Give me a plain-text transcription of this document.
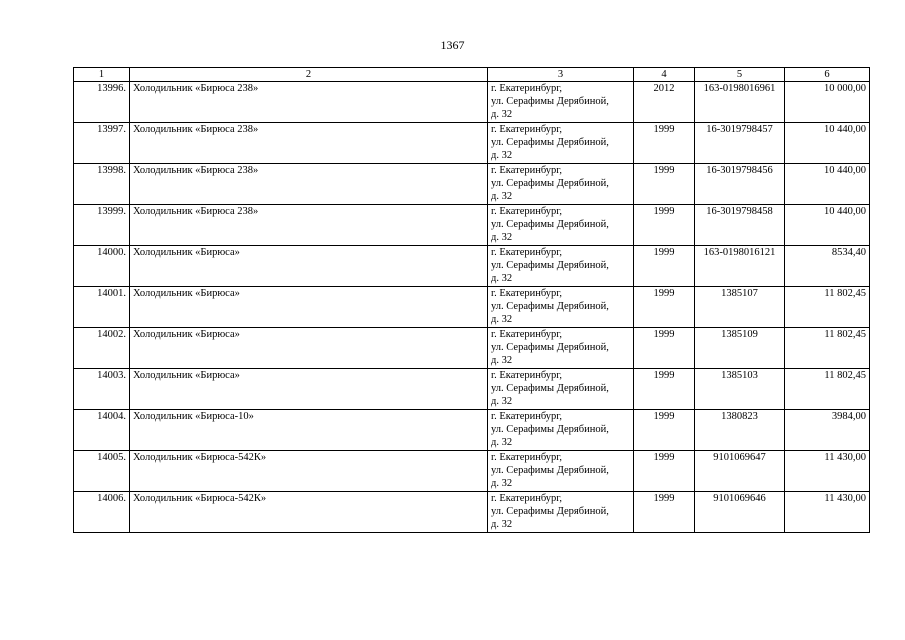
1367
1	2	3	4	5	6
13996.	Холодильник «Бирюса 238»	г. Екатеринбург,
ул. Серафимы Дерябиной,
д. 32	2012	163-0198016961	10 000,00
13997.	Холодильник «Бирюса 238»	г. Екатеринбург,
ул. Серафимы Дерябиной,
д. 32	1999	16-3019798457	10 440,00
13998.	Холодильник «Бирюса 238»	г. Екатеринбург,
ул. Серафимы Дерябиной,
д. 32	1999	16-3019798456	10 440,00
13999.	Холодильник «Бирюса 238»	г. Екатеринбург,
ул. Серафимы Дерябиной,
д. 32	1999	16-3019798458	10 440,00
14000.	Холодильник «Бирюса»	г. Екатеринбург,
ул. Серафимы Дерябиной,
д. 32	1999	163-0198016121	8534,40
14001.	Холодильник «Бирюса»	г. Екатеринбург,
ул. Серафимы Дерябиной,
д. 32	1999	1385107	11 802,45
14002.	Холодильник «Бирюса»	г. Екатеринбург,
ул. Серафимы Дерябиной,
д. 32	1999	1385109	11 802,45
14003.	Холодильник «Бирюса»	г. Екатеринбург,
ул. Серафимы Дерябиной,
д. 32	1999	1385103	11 802,45
14004.	Холодильник «Бирюса-10»	г. Екатеринбург,
ул. Серафимы Дерябиной,
д. 32	1999	1380823	3984,00
14005.	Холодильник «Бирюса-542К»	г. Екатеринбург,
ул. Серафимы Дерябиной,
д. 32	1999	9101069647	11 430,00
14006.	Холодильник «Бирюса-542К»	г. Екатеринбург,
ул. Серафимы Дерябиной,
д. 32	1999	9101069646	11 430,00
